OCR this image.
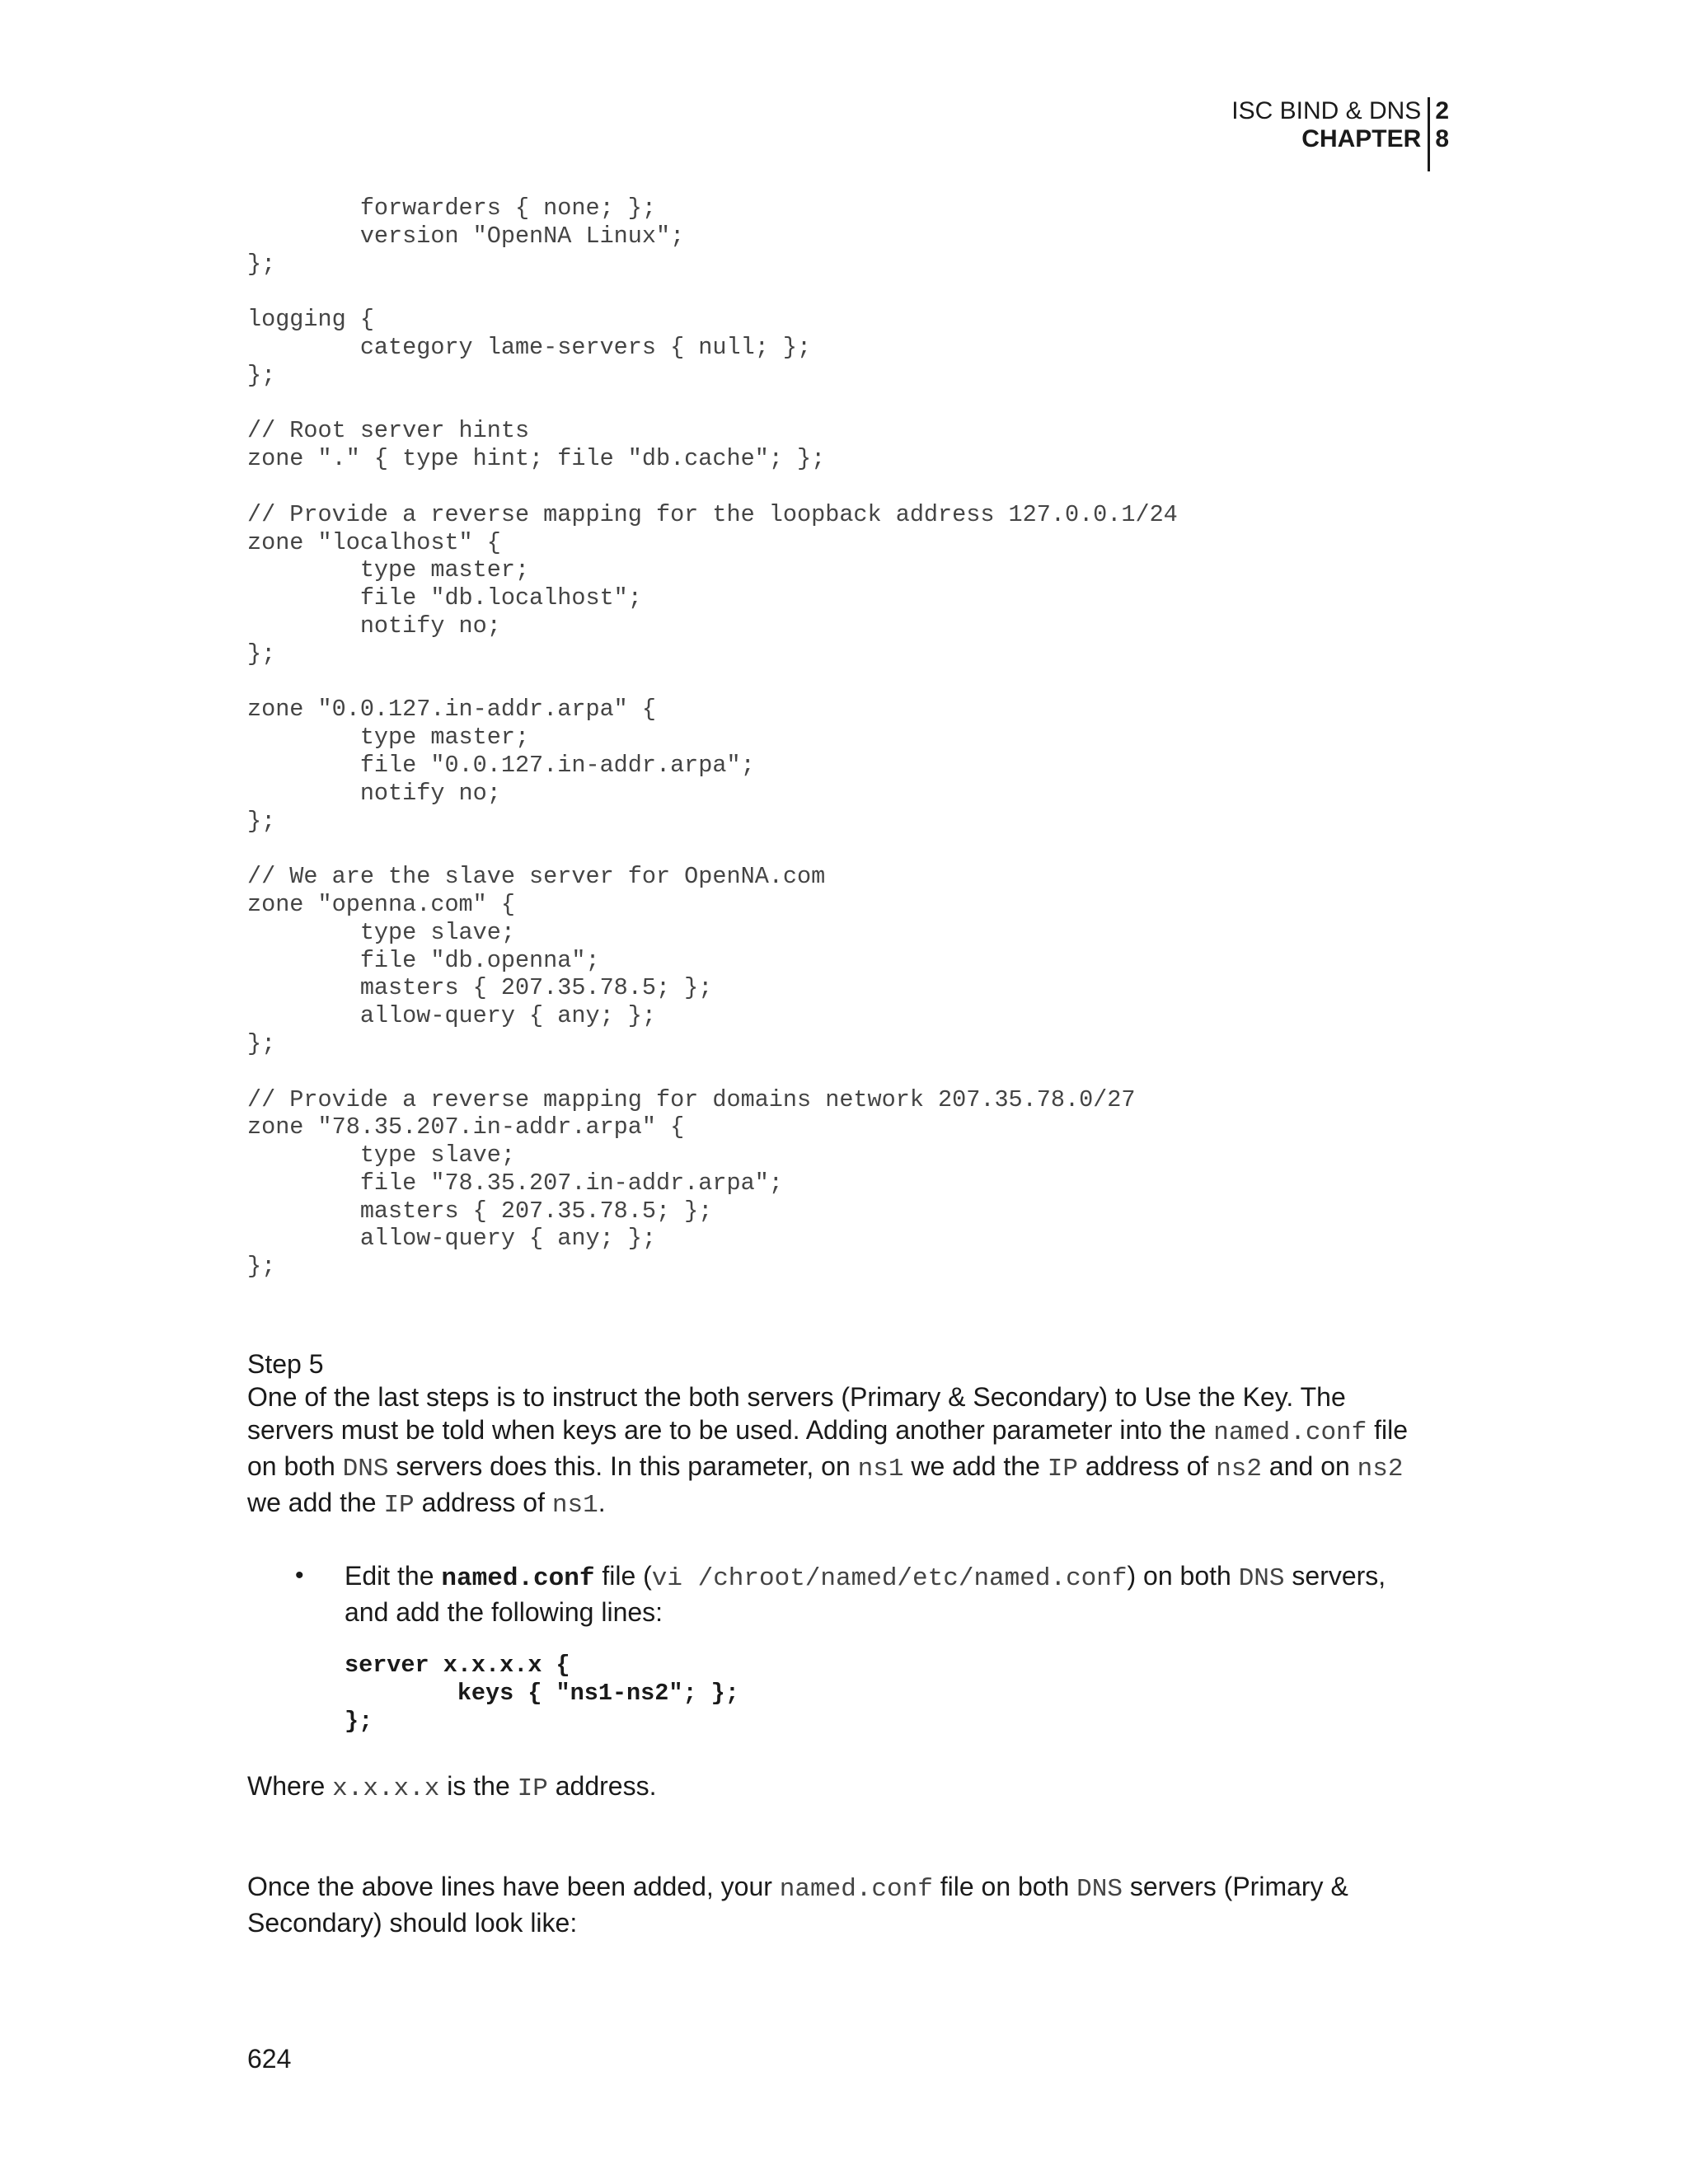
ISC BIND & DNS
CHAPTER
2
8
forwarders { none; };
version "OpenNA Linux";
};

logging {
category lame-servers { null; };
};

// Root server hints
zone "." { type hint; file "db.cache"; };

// Provide a reverse mapping for the loopback address 127.0.0.1/24
zone "localhost" {
type master;
file "db.localhost";
notify no;
};

zone "0.0.127.in-addr.arpa" {
type master;
file "0.0.127.in-addr.arpa";
notify no;
};

// We are the slave server for OpenNA.com
zone "openna.com" {
type slave;
file "db.openna";
masters { 207.35.78.5; };
allow-query { any; };
};

// Provide a reverse mapping for domains network 207.35.78.0/27
zone "78.35.207.in-addr.arpa" {
type slave;
file "78.35.207.in-addr.arpa";
masters { 207.35.78.5; };
allow-query { any; };
};

Step 5

One of the last steps is to instruct the both servers (Primary & Secondary) to Use the Key. The servers must be told when keys are to be used. Adding another parameter into the named.conf file on both DNS servers does this. In this parameter, on ns1 we add the IP address of ns2 and on ns2 we add the IP address of ns1.

•	Edit the named.conf file (vi /chroot/named/etc/named.conf) on both DNS servers, and add the following lines:
server x.x.x.x {
keys { "ns1-ns2"; };
};

Where x.x.x.x is the IP address.

Once the above lines have been added, your named.conf file on both DNS servers (Primary & Secondary) should look like:

624
